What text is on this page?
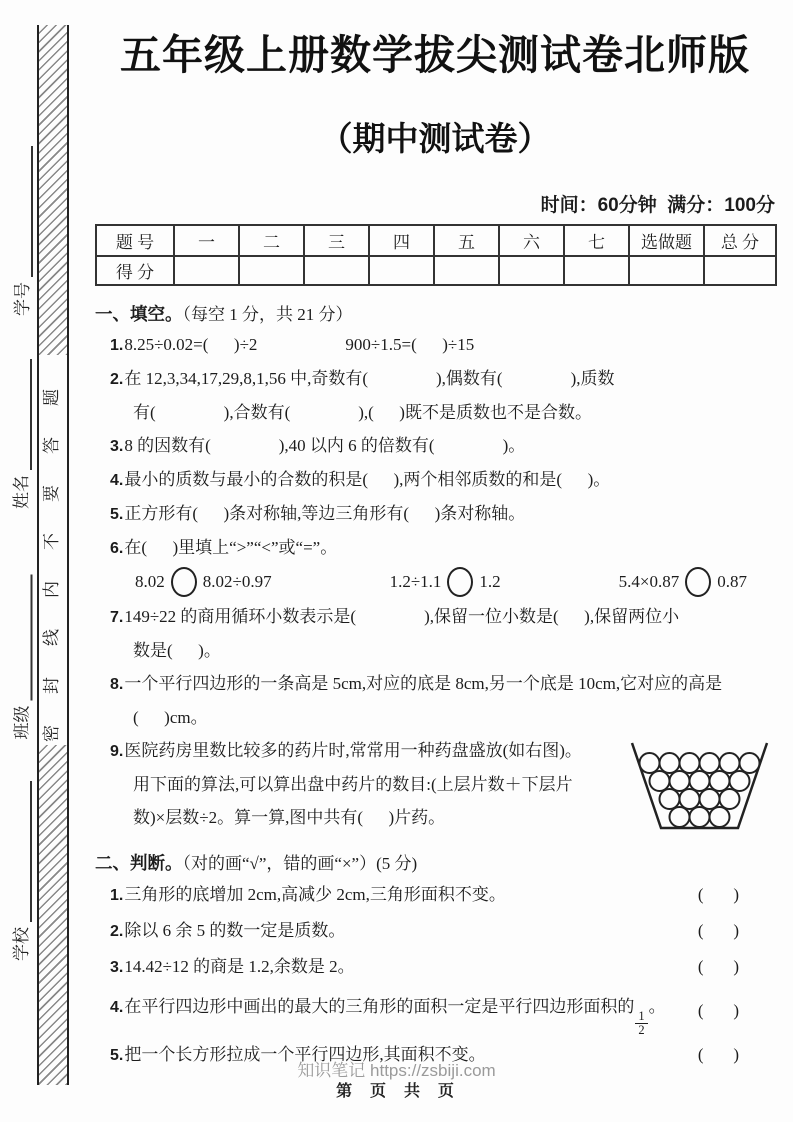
密封线内不要答题
学号
姓名
班级
学校
五年级上册数学拔尖测试卷北师版
（期中测试卷）
时间：60分钟  满分：100分
题 号	一	二	三	四	五	六	七	选做题	总 分
得 分									
一、填空。（每空 1 分，共 21 分）
1.8.25÷0.02=(      )÷2	900÷1.5=(      )÷15
2.在 12,3,34,17,29,8,1,56 中,奇数有(                ),偶数有(                ),质数
有(                ),合数有(                ),(      )既不是质数也不是合数。
3.8 的因数有(                ),40 以内 6 的倍数有(                )。
4.最小的质数与最小的合数的积是(      ),两个相邻质数的和是(      )。
5.正方形有(      )条对称轴,等边三角形有(      )条对称轴。
6.在(      )里填上“>”“<”或“=”。
8.02 8.02÷0.97	1.2÷1.1 1.2	5.4×0.87 0.87
7.149÷22 的商用循环小数表示是(                ),保留一位小数是(      ),保留两位小
数是(      )。
8.一个平行四边形的一条高是 5cm,对应的底是 8cm,另一个底是 10cm,它对应的高是
(      )cm。
9.医院药房里数比较多的药片时,常常用一种药盘盛放(如右图)。
用下面的算法,可以算出盘中药片的数目:(上层片数＋下层片
数)×层数÷2。算一算,图中共有(      )片药。
二、判断。（对的画“√”，错的画“×”）(5 分)
1.三角形的底增加 2cm,高减少 2cm,三角形面积不变。	(       )
2.除以 6 余 5 的数一定是质数。	(       )
3.14.42÷12 的商是 1.2,余数是 2。	(       )
4.在平行四边形中画出的最大的三角形的面积一定是平行四边形面积的
$\frac{1}{2}$
。 (       )
5.把一个长方形拉成一个平行四边形,其面积不变。	(       )
知识笔记 https://zsbiji.com
第  页  共  页
